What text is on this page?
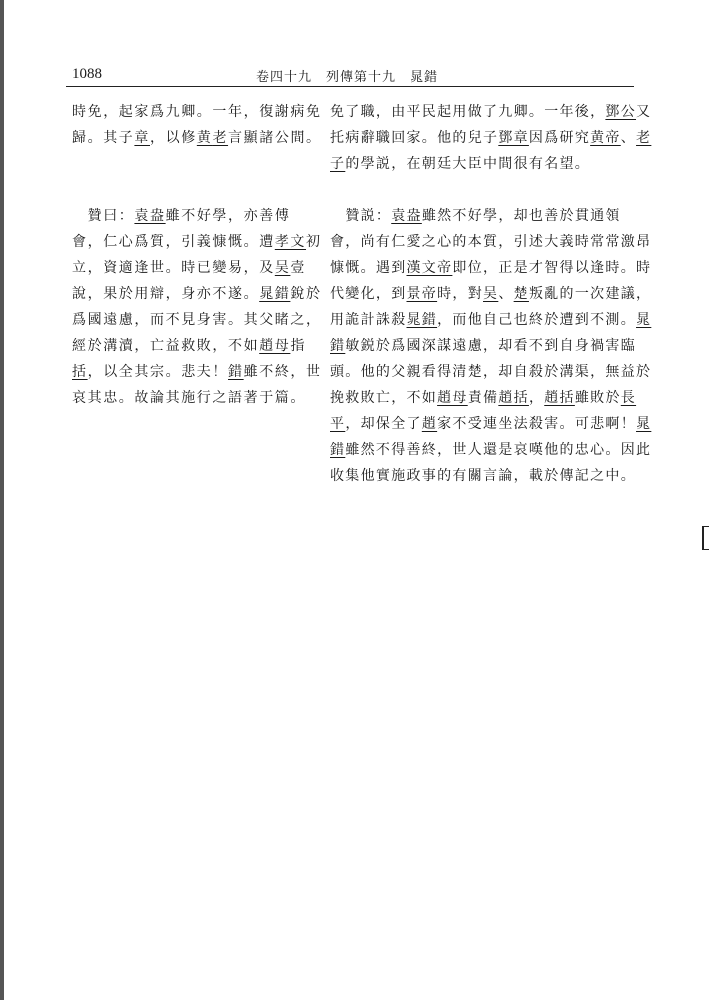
1088	卷四十九　列傳第十九　晁錯
時免，起家爲九卿。一年，復謝病免
歸。其子章，以修黄老言顯諸公間。
　贊曰：袁盎雖不好學，亦善傅
會，仁心爲質，引義慷慨。遭孝文初
立，資適逢世。時已變易，及吴壹
說，果於用辯，身亦不遂。晁錯銳於
爲國遠慮，而不見身害。其父睹之，
經於溝瀆，亡益救敗，不如趙母指
括，以全其宗。悲夫！錯雖不終，世
哀其忠。故論其施行之語著于篇。
免了職，由平民起用做了九卿。一年後，鄧公又
托病辭職回家。他的兒子鄧章因爲研究黄帝、老
子的學説，在朝廷大臣中間很有名望。
　贊説：袁盎雖然不好學，却也善於貫通領
會，尚有仁愛之心的本質，引述大義時常常激昂
慷慨。遇到漢文帝即位，正是才智得以逢時。時
代變化，到景帝時，對吴、楚叛亂的一次建議，
用詭計誅殺晁錯，而他自己也終於遭到不測。晁
錯敏鋭於爲國深謀遠慮，却看不到自身禍害臨
頭。他的父親看得清楚，却自殺於溝渠，無益於
挽救敗亡，不如趙母責備趙括，趙括雖敗於長
平，却保全了趙家不受連坐法殺害。可悲啊！晁
錯雖然不得善終，世人還是哀嘆他的忠心。因此
收集他實施政事的有關言論，載於傳記之中。
